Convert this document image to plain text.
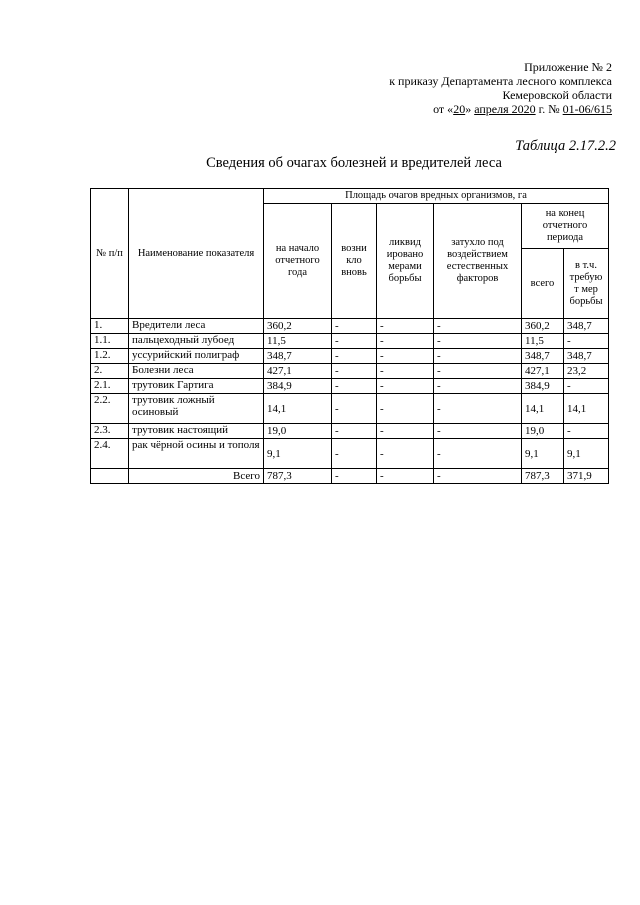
Приложение № 2
к приказу Департамента лесного комплекса
Кемеровской области
от «20» апреля 2020 г. № 01-06/615
Таблица 2.17.2.2
Сведения об очагах болезней и вредителей леса
№ п/п	Наименование показателя	Площадь очагов вредных организмов, га					
		на начало отчетного года	возни кло вновь	ликвид ированo мерами борьбы	затухло под воздействием естественных факторов	на конец отчетного периода	
						всего	в т.ч. требую т мер борьбы
1.	Вредители леса	360,2	-	-	-	360,2	348,7
1.1.	пальцеходный лубоед	11,5	-	-	-	11,5	-
1.2.	уссурийский полиграф	348,7	-	-	-	348,7	348,7
2.	Болезни леса	427,1	-	-	-	427,1	23,2
2.1.	трутовик Гартига	384,9	-	-	-	384,9	-
2.2.	трутовик ложный осиновый	14,1	-	-	-	14,1	14,1
2.3.	трутовик настоящий	19,0	-	-	-	19,0	-
2.4.	рак чёрной осины и тополя	9,1	-	-	-	9,1	9,1
	Всего	787,3	-	-	-	787,3	371,9
